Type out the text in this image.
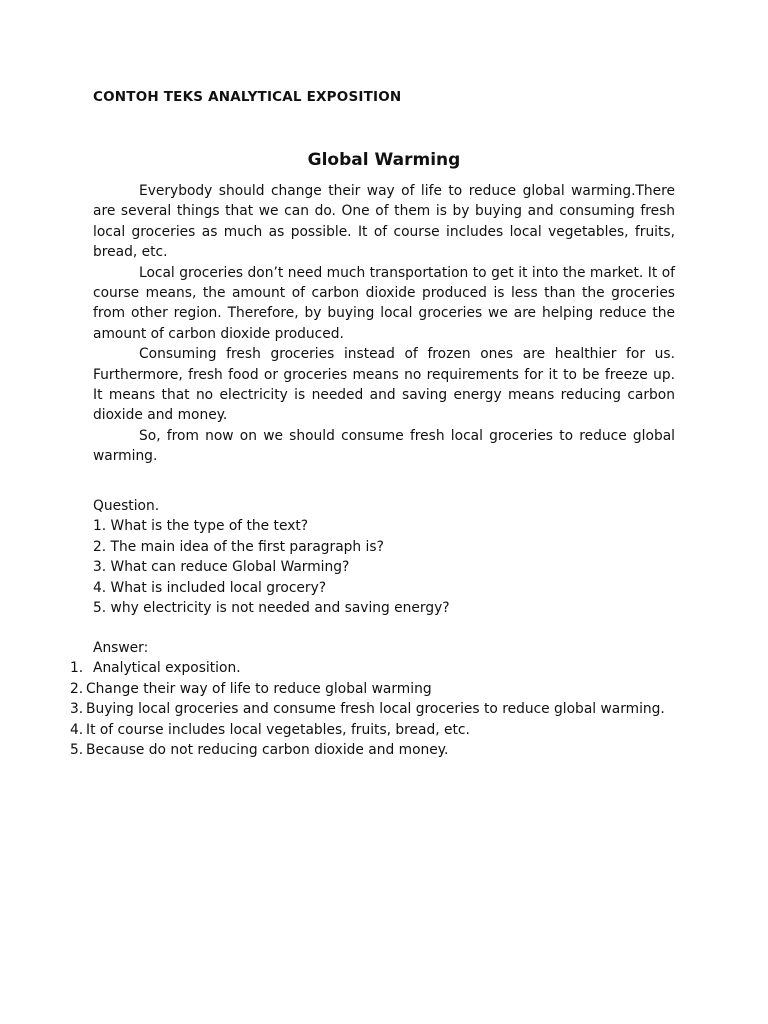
CONTOH TEKS ANALYTICAL EXPOSITION
Global Warming

Everybody should change their way of life to reduce global warming.There are several things that we can do. One of them is by buying and consuming fresh local groceries as much as possible. It of course includes local vegetables, fruits, bread, etc.

Local groceries don’t need much transportation to get it into the market. It of course means, the amount of carbon dioxide produced is less than the groceries from other region. Therefore, by buying local groceries we are helping reduce the amount of carbon dioxide produced.

Consuming fresh groceries instead of frozen ones are healthier for us. Furthermore, fresh food or groceries means no requirements for it to be freeze up. It means that no electricity is needed and saving energy means reducing carbon dioxide and money.

So, from now on we should consume fresh local groceries to reduce global warming.

Question.
1. What is the type of the text?
2. The main idea of the first paragraph is?
3. What can reduce Global Warming?
4. What is included local grocery?
5. why electricity is not needed and saving energy?
Answer:
1. Analytical exposition.
2. Change their way of life to reduce global warming
3. Buying local groceries and consume fresh local groceries to reduce global warming.
4. It of course includes local vegetables, fruits, bread, etc.
5. Because do not reducing carbon dioxide and money.
